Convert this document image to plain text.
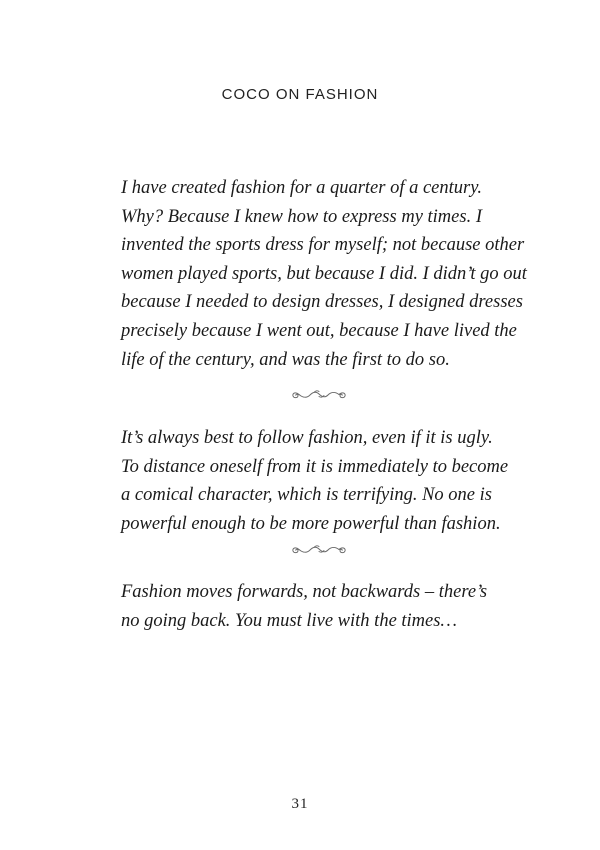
COCO ON FASHION

I have created fashion for a quarter of a century.
Why? Because I knew how to express my times. I
invented the sports dress for myself; not because other
women played sports, but because I did. I didn’t go out
because I needed to design dresses, I designed dresses
precisely because I went out, because I have lived the
life of the century, and was the first to do so.

It’s always best to follow fashion, even if it is ugly.
To distance oneself from it is immediately to become
a comical character, which is terrifying. No one is
powerful enough to be more powerful than fashion.

Fashion moves forwards, not backwards – there’s
no going back. You must live with the times…

31
